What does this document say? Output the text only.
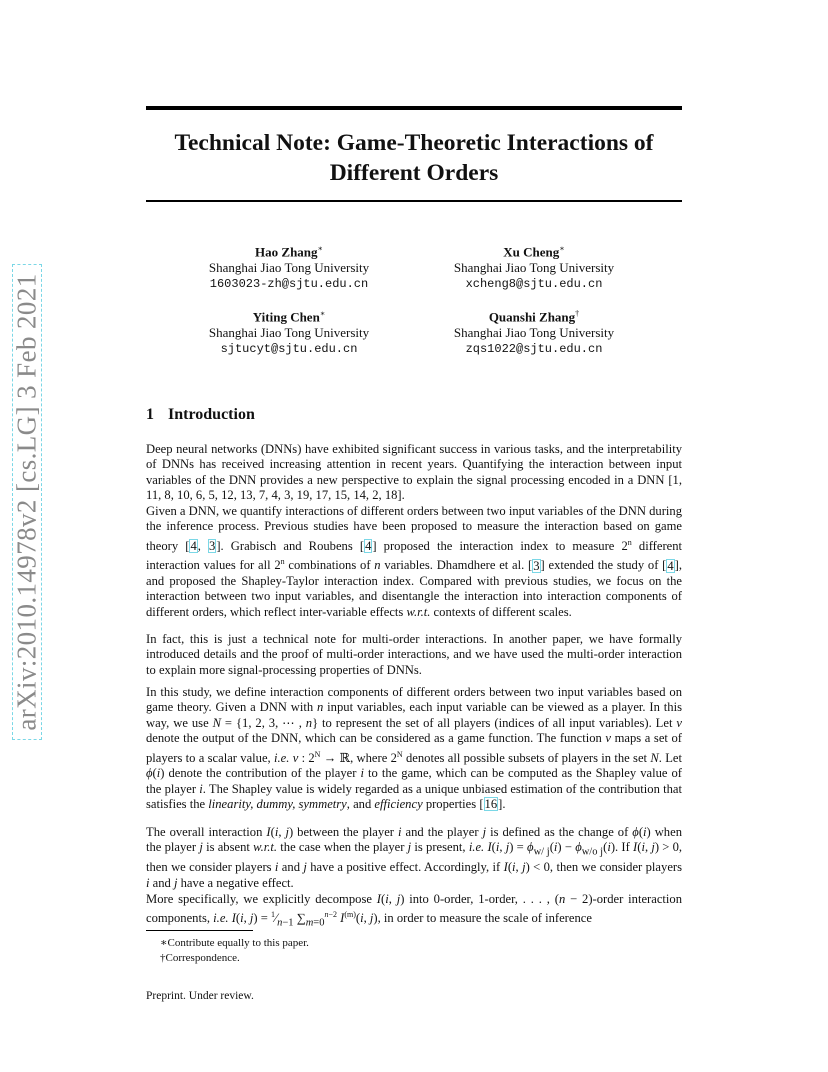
Technical Note: Game-Theoretic Interactions of Different Orders
arXiv:2010.14978v2 [cs.LG] 3 Feb 2021
Hao Zhang∗
Shanghai Jiao Tong University
1603023-zh@sjtu.edu.cn
Xu Cheng∗
Shanghai Jiao Tong University
xcheng8@sjtu.edu.cn
Yiting Chen∗
Shanghai Jiao Tong University
sjtucyt@sjtu.edu.cn
Quanshi Zhang†
Shanghai Jiao Tong University
zqs1022@sjtu.edu.cn
1 Introduction
Deep neural networks (DNNs) have exhibited significant success in various tasks, and the interpretability of DNNs has received increasing attention in recent years. Quantifying the interaction between input variables of the DNN provides a new perspective to explain the signal processing encoded in a DNN [1, 11, 8, 10, 6, 5, 12, 13, 7, 4, 3, 19, 17, 15, 14, 2, 18].
Given a DNN, we quantify interactions of different orders between two input variables of the DNN during the inference process. Previous studies have been proposed to measure the interaction based on game theory [4, 3]. Grabisch and Roubens [4] proposed the interaction index to measure 2$^n$ different interaction values for all 2$^n$ combinations of n variables. Dhamdhere et al. [3] extended the study of [4], and proposed the Shapley-Taylor interaction index. Compared with previous studies, we focus on the interaction between two input variables, and disentangle the interaction into interaction components of different orders, which reflect inter-variable effects w.r.t. contexts of different scales.
In fact, this is just a technical note for multi-order interactions. In another paper, we have formally introduced details and the proof of multi-order interactions, and we have used the multi-order interaction to explain more signal-processing properties of DNNs.
In this study, we define interaction components of different orders between two input variables based on game theory. Given a DNN with n input variables, each input variable can be viewed as a player. In this way, we use N = {1, 2, 3, ⋯ , n} to represent the set of all players (indices of all input variables). Let v denote the output of the DNN, which can be considered as a game function. The function v maps a set of players to a scalar value, i.e. v : $2^N$ → ℝ, where $2^N$ denotes all possible subsets of players in the set N. Let ϕ(i) denote the contribution of the player i to the game, which can be computed as the Shapley value of the player i. The Shapley value is widely regarded as a unique unbiased estimation of the contribution that satisfies the linearity, dummy, symmetry, and efficiency properties [16].
The overall interaction I(i, j) between the player i and the player j is defined as the change of ϕ(i) when the player j is absent w.r.t. the case when the player j is present, i.e. I(i, $j) = \phi_{w/ j}(i) - \phi_{w/o j}(i)$. If I(i, j) > 0, then we consider players i and j have a positive effect. Accordingly, if I(i, j) < 0, then we consider players i and j have a negative effect.
More specifically, we explicitly decompose I(i, j) into 0-order, 1-order, . . . , (n − 2)-order interaction components, i.e. I(i, $j) = ^1⁄_{n-1}$ $\sum_{m=0}^{n-2}$ $I^{(m)}(i$, j), in order to measure the scale of inference
∗Contribute equally to this paper.
†Correspondence.
Preprint. Under review.
